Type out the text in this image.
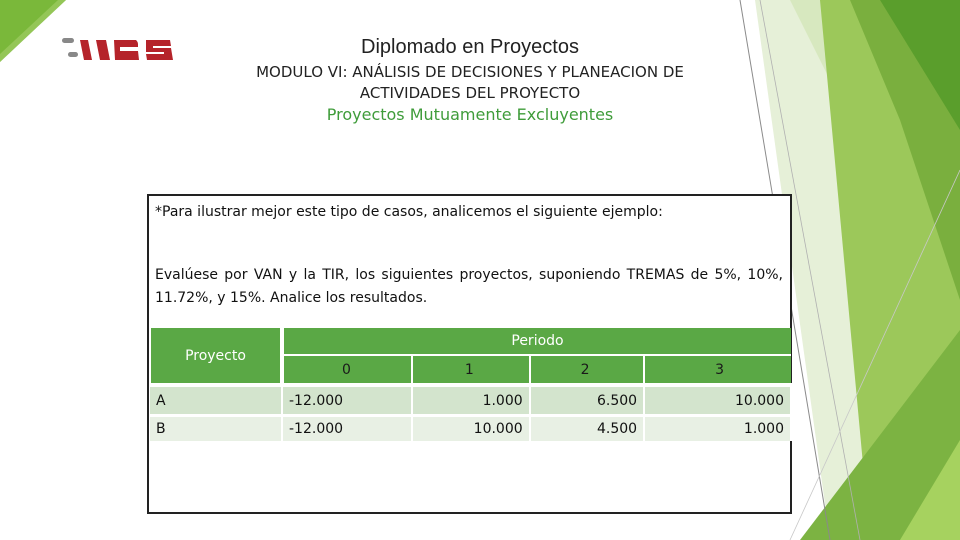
Diplomado en Proyectos
MODULO VI: ANÁLISIS DE DECISIONES Y PLANEACION DE ACTIVIDADES DEL PROYECTO
Proyectos Mutuamente Excluyentes
*Para ilustrar mejor este tipo de casos, analicemos el siguiente ejemplo:
Evalúese por VAN y la TIR, los siguientes proyectos, suponiendo TREMAS de 5%, 10%, 11.72%, y 15%. Analice los resultados.
Proyecto	Periodo			
	0	1	2	3
A	-12.000	1.000	6.500	10.000
B	-12.000	10.000	4.500	1.000
